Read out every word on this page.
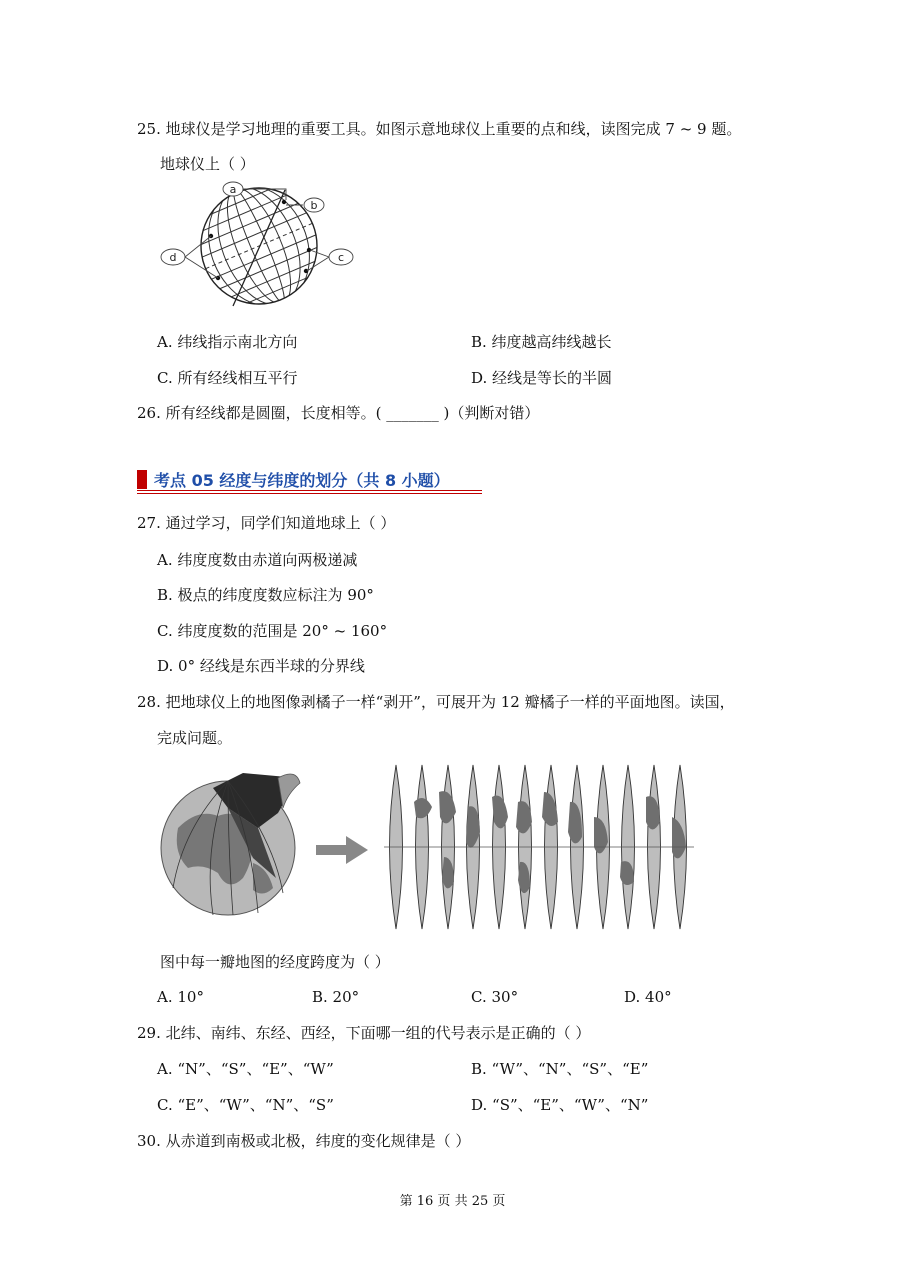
25. 地球仪是学习地理的重要工具。如图示意地球仪上重要的点和线，读图完成 7 ~ 9 题。
地球仪上（ ）
a
b
c
d
A. 纬线指示南北方向	B. 纬度越高纬线越长
C. 所有经线相互平行	D. 经线是等长的半圆
26. 所有经线都是圆圈，长度相等。( _______ )（判断对错）
考点 05 经度与纬度的划分（共 8 小题）
27. 通过学习，同学们知道地球上（ ）
A. 纬度度数由赤道向两极递减
B. 极点的纬度度数应标注为 90°
C. 纬度度数的范围是 20° ~ 160°
D. 0° 经线是东西半球的分界线
28. 把地球仪上的地图像剥橘子一样“剥开”，可展开为 12 瓣橘子一样的平面地图。读国，
完成问题。
图中每一瓣地图的经度跨度为（ ）
A. 10°	B. 20°	C. 30°	D. 40°
29. 北纬、南纬、东经、西经，下面哪一组的代号表示是正确的（ ）
A. “N”、“S”、“E”、“W”	B. “W”、“N”、“S”、“E”
C. “E”、“W”、“N”、“S”	D. “S”、“E”、“W”、“N”
30. 从赤道到南极或北极，纬度的变化规律是（ ）
第 16 页 共 25 页
